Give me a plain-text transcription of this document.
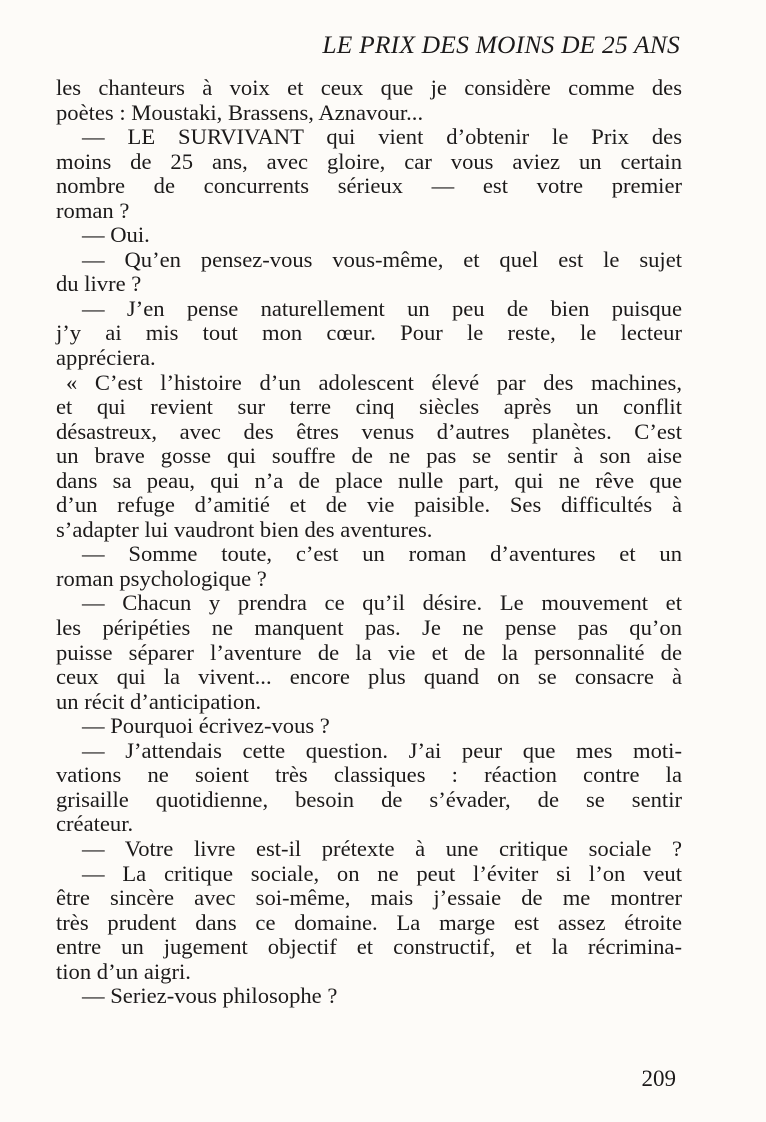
LE PRIX DES MOINS DE 25 ANS
les chanteurs à voix et ceux que je considère comme des
poètes : Moustaki, Brassens, Aznavour...
— LE SURVIVANT qui vient d’obtenir le Prix des
moins de 25 ans, avec gloire, car vous aviez un certain
nombre de concurrents sérieux — est votre premier
roman ?
— Oui.
— Qu’en pensez-vous vous-même, et quel est le sujet
du livre ?
— J’en pense naturellement un peu de bien puisque
j’y ai mis tout mon cœur. Pour le reste, le lecteur
appréciera.
« C’est l’histoire d’un adolescent élevé par des machines,
et qui revient sur terre cinq siècles après un conflit
désastreux, avec des êtres venus d’autres planètes. C’est
un brave gosse qui souffre de ne pas se sentir à son aise
dans sa peau, qui n’a de place nulle part, qui ne rêve que
d’un refuge d’amitié et de vie paisible. Ses difficultés à
s’adapter lui vaudront bien des aventures.
— Somme toute, c’est un roman d’aventures et un
roman psychologique ?
— Chacun y prendra ce qu’il désire. Le mouvement et
les péripéties ne manquent pas. Je ne pense pas qu’on
puisse séparer l’aventure de la vie et de la personnalité de
ceux qui la vivent... encore plus quand on se consacre à
un récit d’anticipation.
— Pourquoi écrivez-vous ?
— J’attendais cette question. J’ai peur que mes moti-
vations ne soient très classiques : réaction contre la
grisaille quotidienne, besoin de s’évader, de se sentir
créateur.
— Votre livre est-il prétexte à une critique sociale ?
— La critique sociale, on ne peut l’éviter si l’on veut
être sincère avec soi-même, mais j’essaie de me montrer
très prudent dans ce domaine. La marge est assez étroite
entre un jugement objectif et constructif, et la récrimina-
tion d’un aigri.
— Seriez-vous philosophe ?
209
